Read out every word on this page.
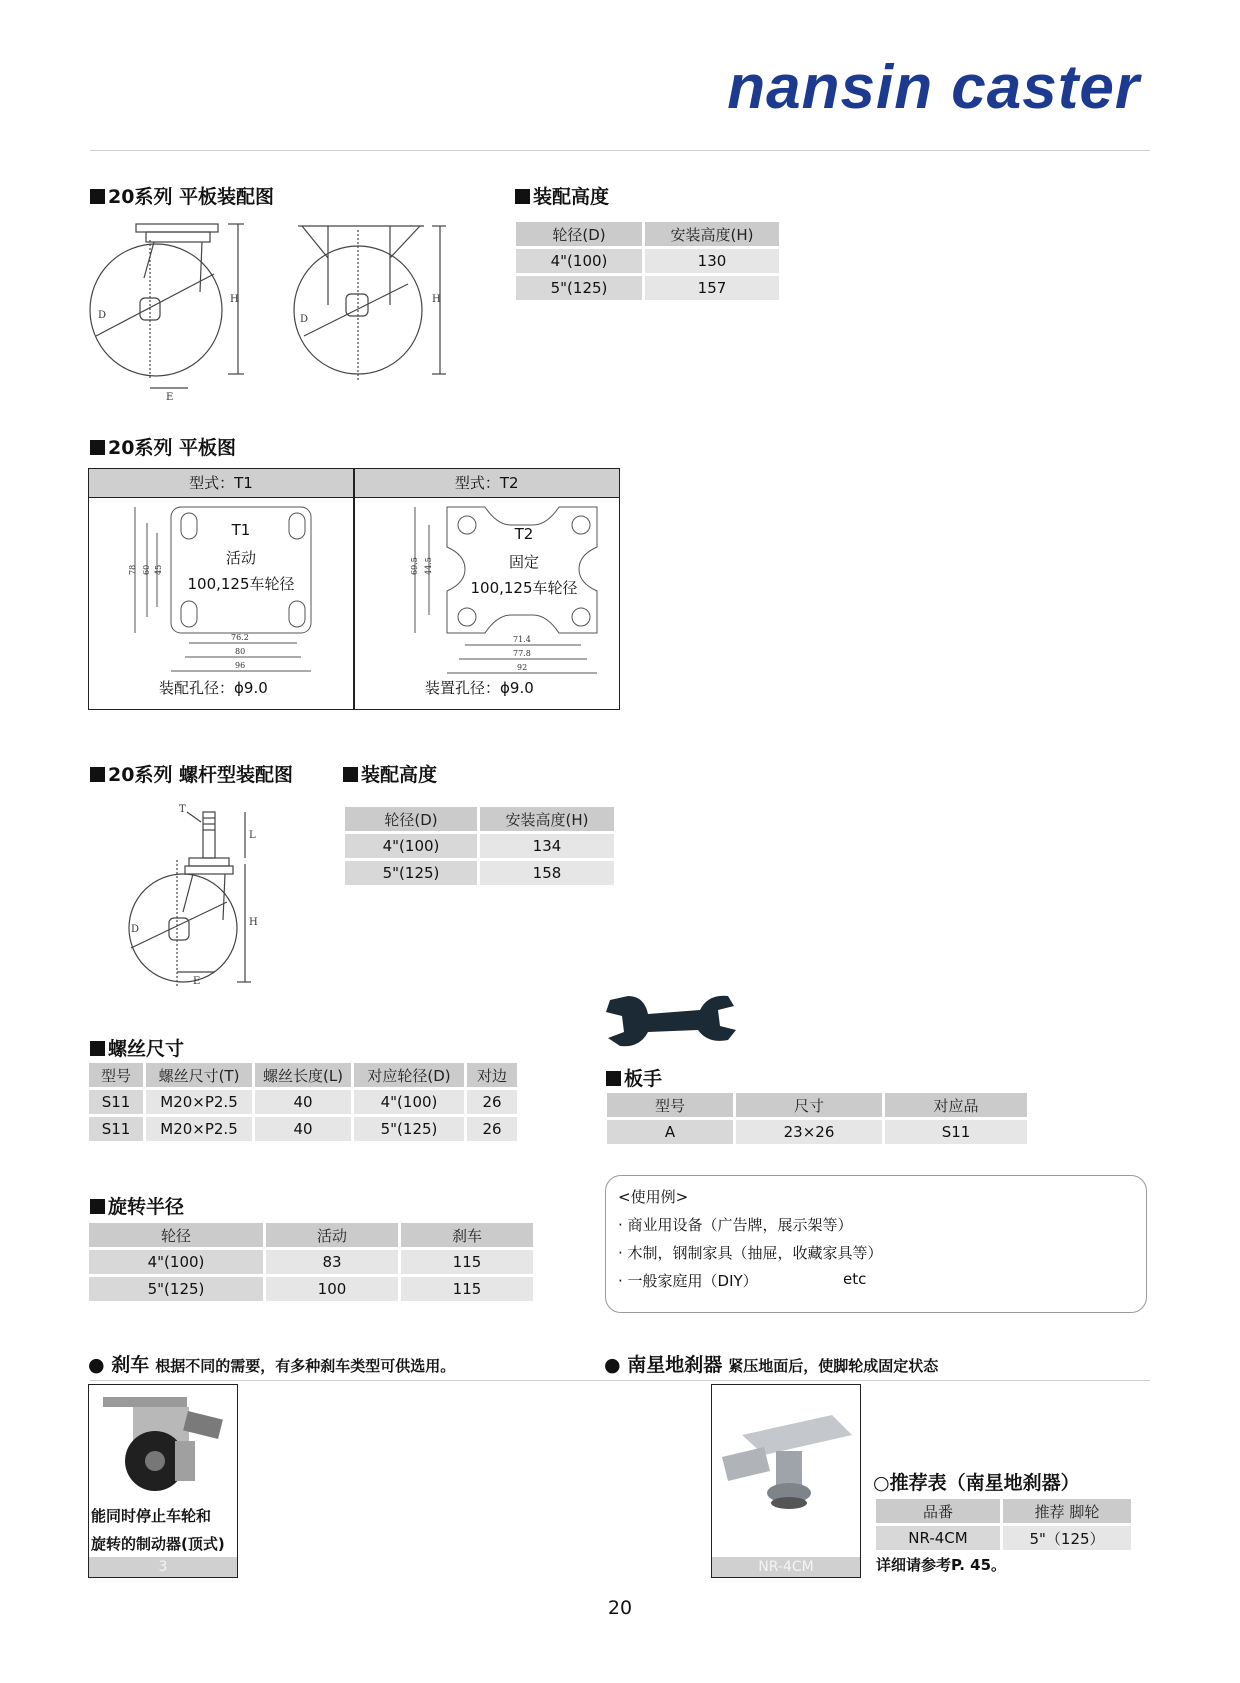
nansin caster
20系列 平板装配图
D
H
E
D
H
装配高度
轮径(D)	安装高度(H)
4"(100)	130
5"(125)	157
20系列 平板图
型式：T1	型式：T2
78 60 45
76.2
80
96
T1
活动
100,125车轮径
装配孔径：ϕ9.0
69.5 44.5
71.4
77.8
92
T2
固定
100,125车轮径
装置孔径：ϕ9.0
20系列 螺杆型装配图
T
L
H
D
E
装配高度
轮径(D)	安装高度(H)
4"(100)	134
5"(125)	158
螺丝尺寸
型号	螺丝尺寸(T)	螺丝长度(L)	对应轮径(D)	对边
S11	M20×P2.5	40	4"(100)	26
S11	M20×P2.5	40	5"(125)	26
板手
型号	尺寸	对应品
A	23×26	S11
旋转半径
轮径	活动	刹车
4"(100)	83	115
5"(125)	100	115
<使用例>
· 商业用设备（广告牌，展示架等）
· 木制，钢制家具（抽屉，收藏家具等）
· 一般家庭用（DIY）	etc
● 刹车 根据不同的需要，有多种刹车类型可供选用。	● 南星地刹器 紧压地面后，使脚轮成固定状态
能同时停止车轮和
旋转的制动器(顶式)
3	NR-4CM
○推荐表（南星地刹器）
品番	推荐 脚轮
NR-4CM	5"（125）
详细请参考P. 45。
20
